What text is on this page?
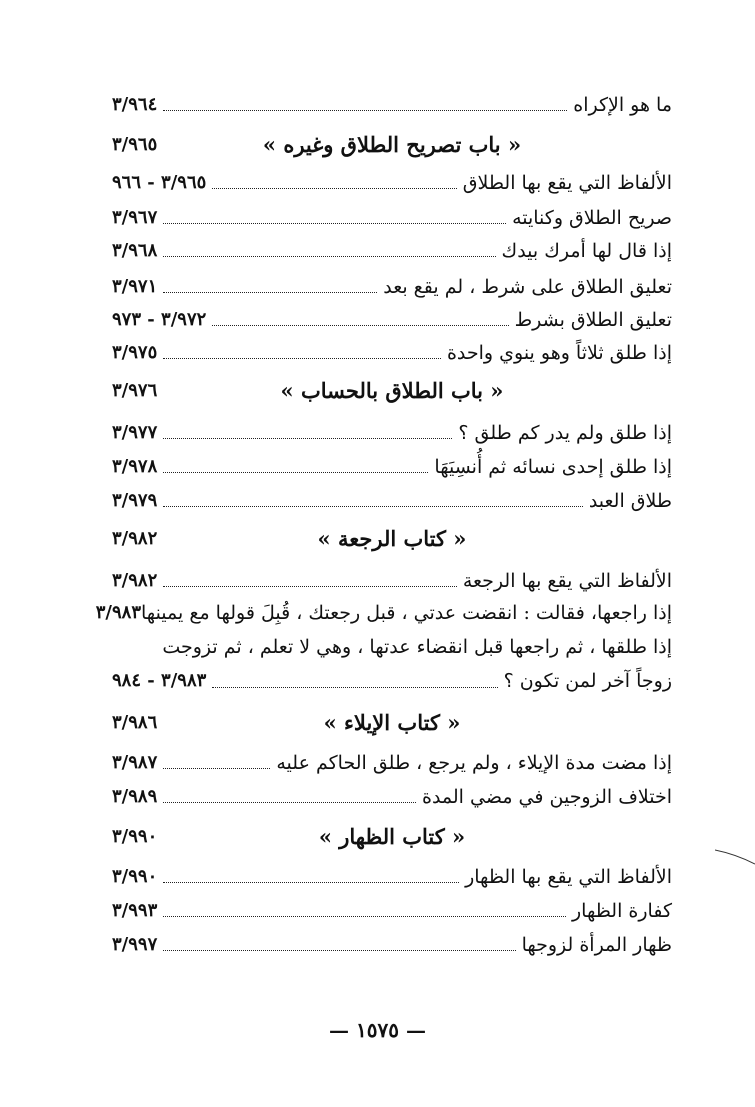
ما هو الإكراه
٣/٩٦٤
« باب تصريح الطلاق وغيره »
٣/٩٦٥
الألفاظ التي يقع بها الطلاق
٣/٩٦٥ - ٩٦٦
صريح الطلاق وكنايته
٣/٩٦٧
إذا قال لها أمرك بيدك
٣/٩٦٨
تعليق الطلاق على شرط ، لم يقع بعد
٣/٩٧١
تعليق الطلاق بشرط
٣/٩٧٢ - ٩٧٣
إذا طلق ثلاثاً وهو ينوي واحدة
٣/٩٧٥
« باب الطلاق بالحساب »
٣/٩٧٦
إذا طلق ولم يدر كم طلق ؟
٣/٩٧٧
إذا طلق إحدى نسائه ثم أُنسِيَهَا
٣/٩٧٨
طلاق العبد
٣/٩٧٩
« كتاب الرجعة »
٣/٩٨٢
الألفاظ التي يقع بها الرجعة
٣/٩٨٢
إذا راجعها، فقالت : انقضت عدتي ، قبل رجعتك ، قُبِلَ قولها مع يمينها
٣/٩٨٣
إذا طلقها ، ثم راجعها قبل انقضاء عدتها ، وهي لا تعلم ، ثم تزوجت
زوجاً آخر لمن تكون ؟
٣/٩٨٣ - ٩٨٤
« كتاب الإيلاء »
٣/٩٨٦
إذا مضت مدة الإيلاء ، ولم يرجع ، طلق الحاكم عليه
٣/٩٨٧
اختلاف الزوجين في مضي المدة
٣/٩٨٩
« كتاب الظهار »
٣/٩٩٠
الألفاظ التي يقع بها الظهار
٣/٩٩٠
كفارة الظهار
٣/٩٩٣
ظهار المرأة لزوجها
٣/٩٩٧
— ١٥٧٥ —
